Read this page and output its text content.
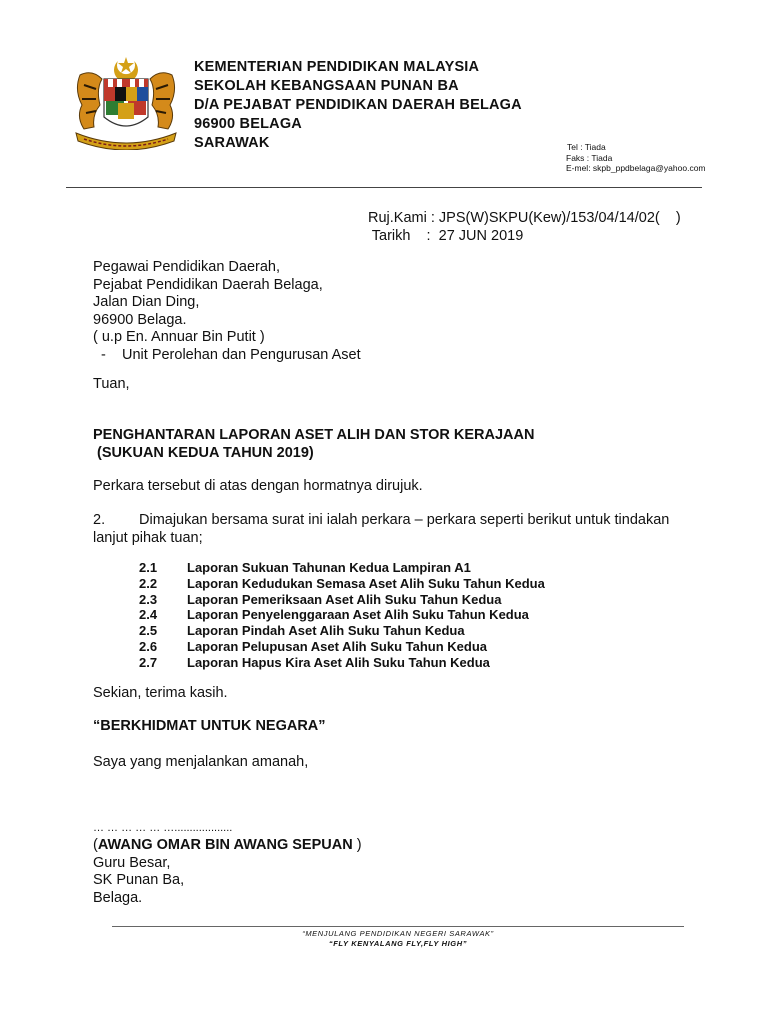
KEMENTERIAN PENDIDIKAN MALAYSIA
SEKOLAH KEBANGSAAN PUNAN BA
D/A PEJABAT PENDIDIKAN DAERAH BELAGA
96900 BELAGA
SARAWAK	Tel : Tiada
Faks : Tiada
E-mel: skpb_ppdbelaga@yahoo.com
Ruj.Kami : JPS(W)SKPU(Kew)/153/04/14/02(    )
Tarikh    :  27 JUN 2019
Pegawai Pendidikan Daerah,
Pejabat Pendidikan Daerah Belaga,
Jalan Dian Ding,
96900 Belaga.
( u.p En. Annuar Bin Putit )
-    Unit Perolehan dan Pengurusan Aset
Tuan,
PENGHANTARAN LAPORAN ASET ALIH DAN STOR KERAJAAN
(SUKUAN KEDUA TAHUN 2019)
Perkara tersebut di atas dengan hormatnya dirujuk.
2. Dimajukan bersama surat ini ialah perkara – perkara seperti berikut untuk tindakan lanjut pihak tuan;
2.1	Laporan Sukuan Tahunan Kedua Lampiran A1
2.2	Laporan Kedudukan Semasa Aset Alih Suku Tahun Kedua
2.3	Laporan Pemeriksaan Aset Alih Suku Tahun Kedua
2.4	Laporan Penyelenggaraan Aset Alih Suku Tahun Kedua
2.5	Laporan Pindah Aset Alih Suku Tahun Kedua
2.6	Laporan Pelupusan Aset Alih Suku Tahun Kedua
2.7	Laporan Hapus Kira Aset Alih Suku Tahun Kedua
Sekian, terima kasih.
“BERKHIDMAT UNTUK NEGARA”
Saya yang menjalankan amanah,
… … … … … …...................
(AWANG OMAR BIN AWANG SEPUAN )
Guru Besar,
SK Punan Ba,
Belaga.
“MENJULANG PENDIDIKAN NEGERI SARAWAK”
“FLY KENYALANG FLY,FLY HIGH”
